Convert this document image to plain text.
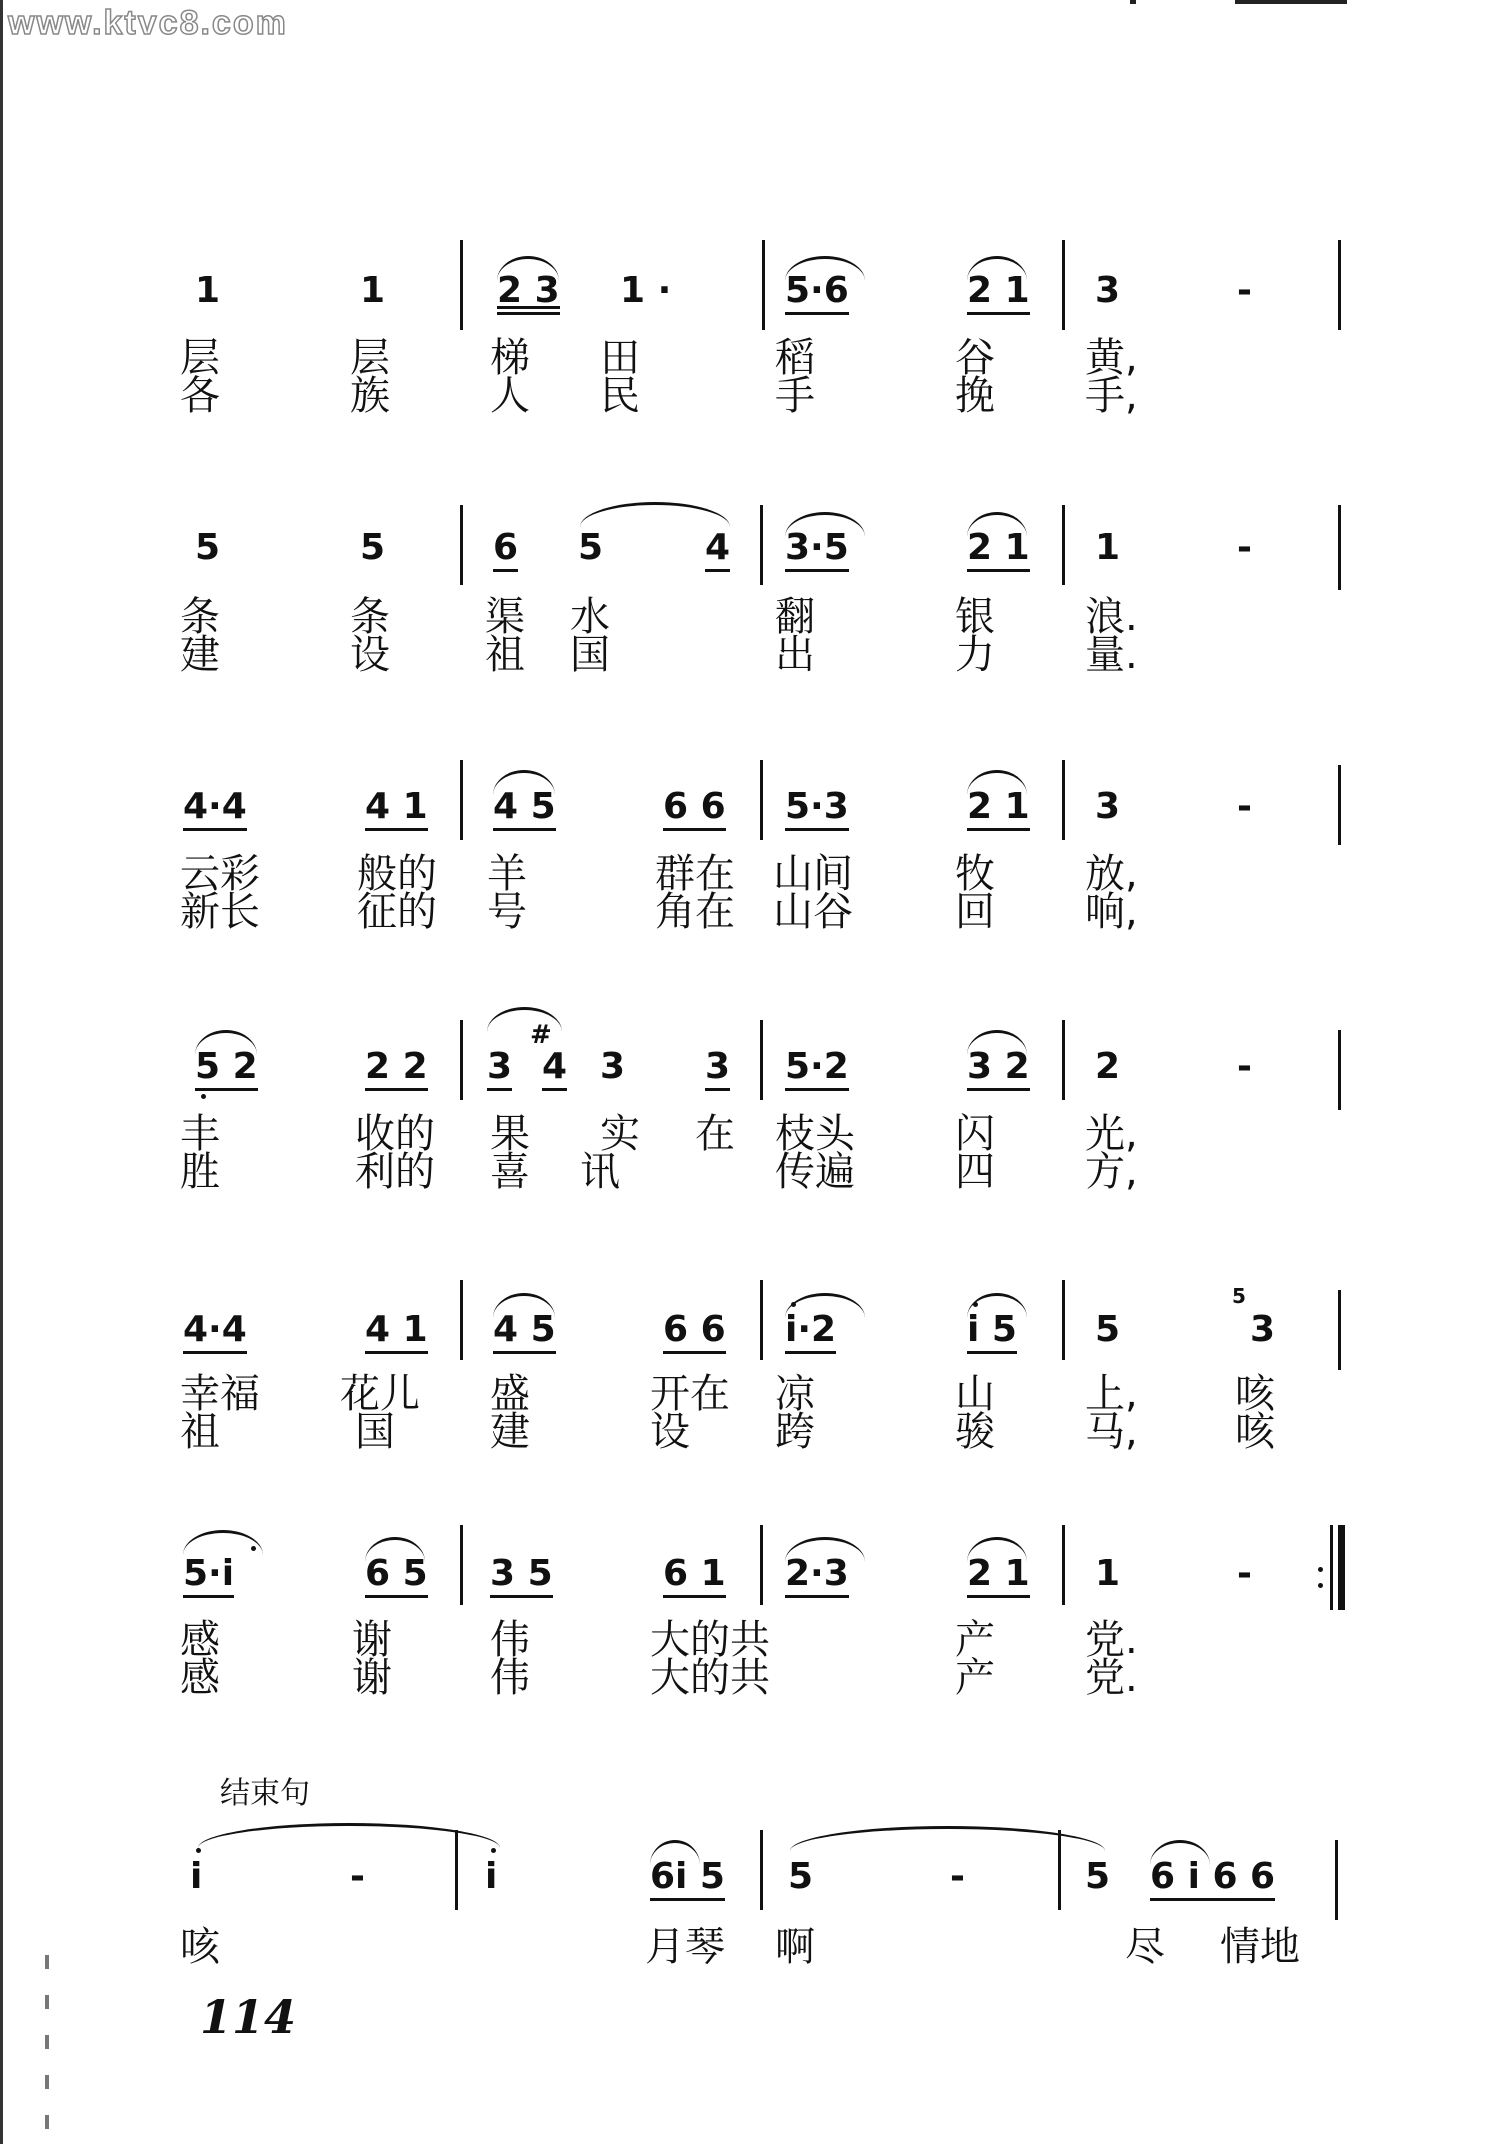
www.ktvc8.com
1	1	2 3 1 ·	5·6	2 1 3	-
层	层	梯 田	稻	谷 黄,
各	族	人 民	手	挽 手,
5	5	6 5	4 3·5	2 1 1	-
条	条 渠 水	翻	银 浪.
建	设 祖 国	出	力 量.
4·4	4 1 4 5	6 6 5·3	2 1 3	-
云彩 般的 羊	群在 山间	牧 放,
新长 征的 号	角在 山谷	回 响,
5 2	2 2 3
#
4 3 3 5·2	3 2 2	-
丰	收的 果 实 在 枝头	闪 光,
胜	利的 喜 讯	传遍	四 方,
4·4	4 1 4 5	6 6 i·2	i 5 5
5
3
幸福 花儿 盛	开在 凉	山 上, 咳
祖	国 建	设 跨	骏 马, 咳
5·i	6 5 3 5	6 1 2·3	2 1 1	-
感	谢 伟	大的共	产 党.
感	谢 伟	大的共	产 党.
结束句
i	-	i	6i 5 5	-	5 6 i 6 6
咳	月琴 啊	尽 情地
114
